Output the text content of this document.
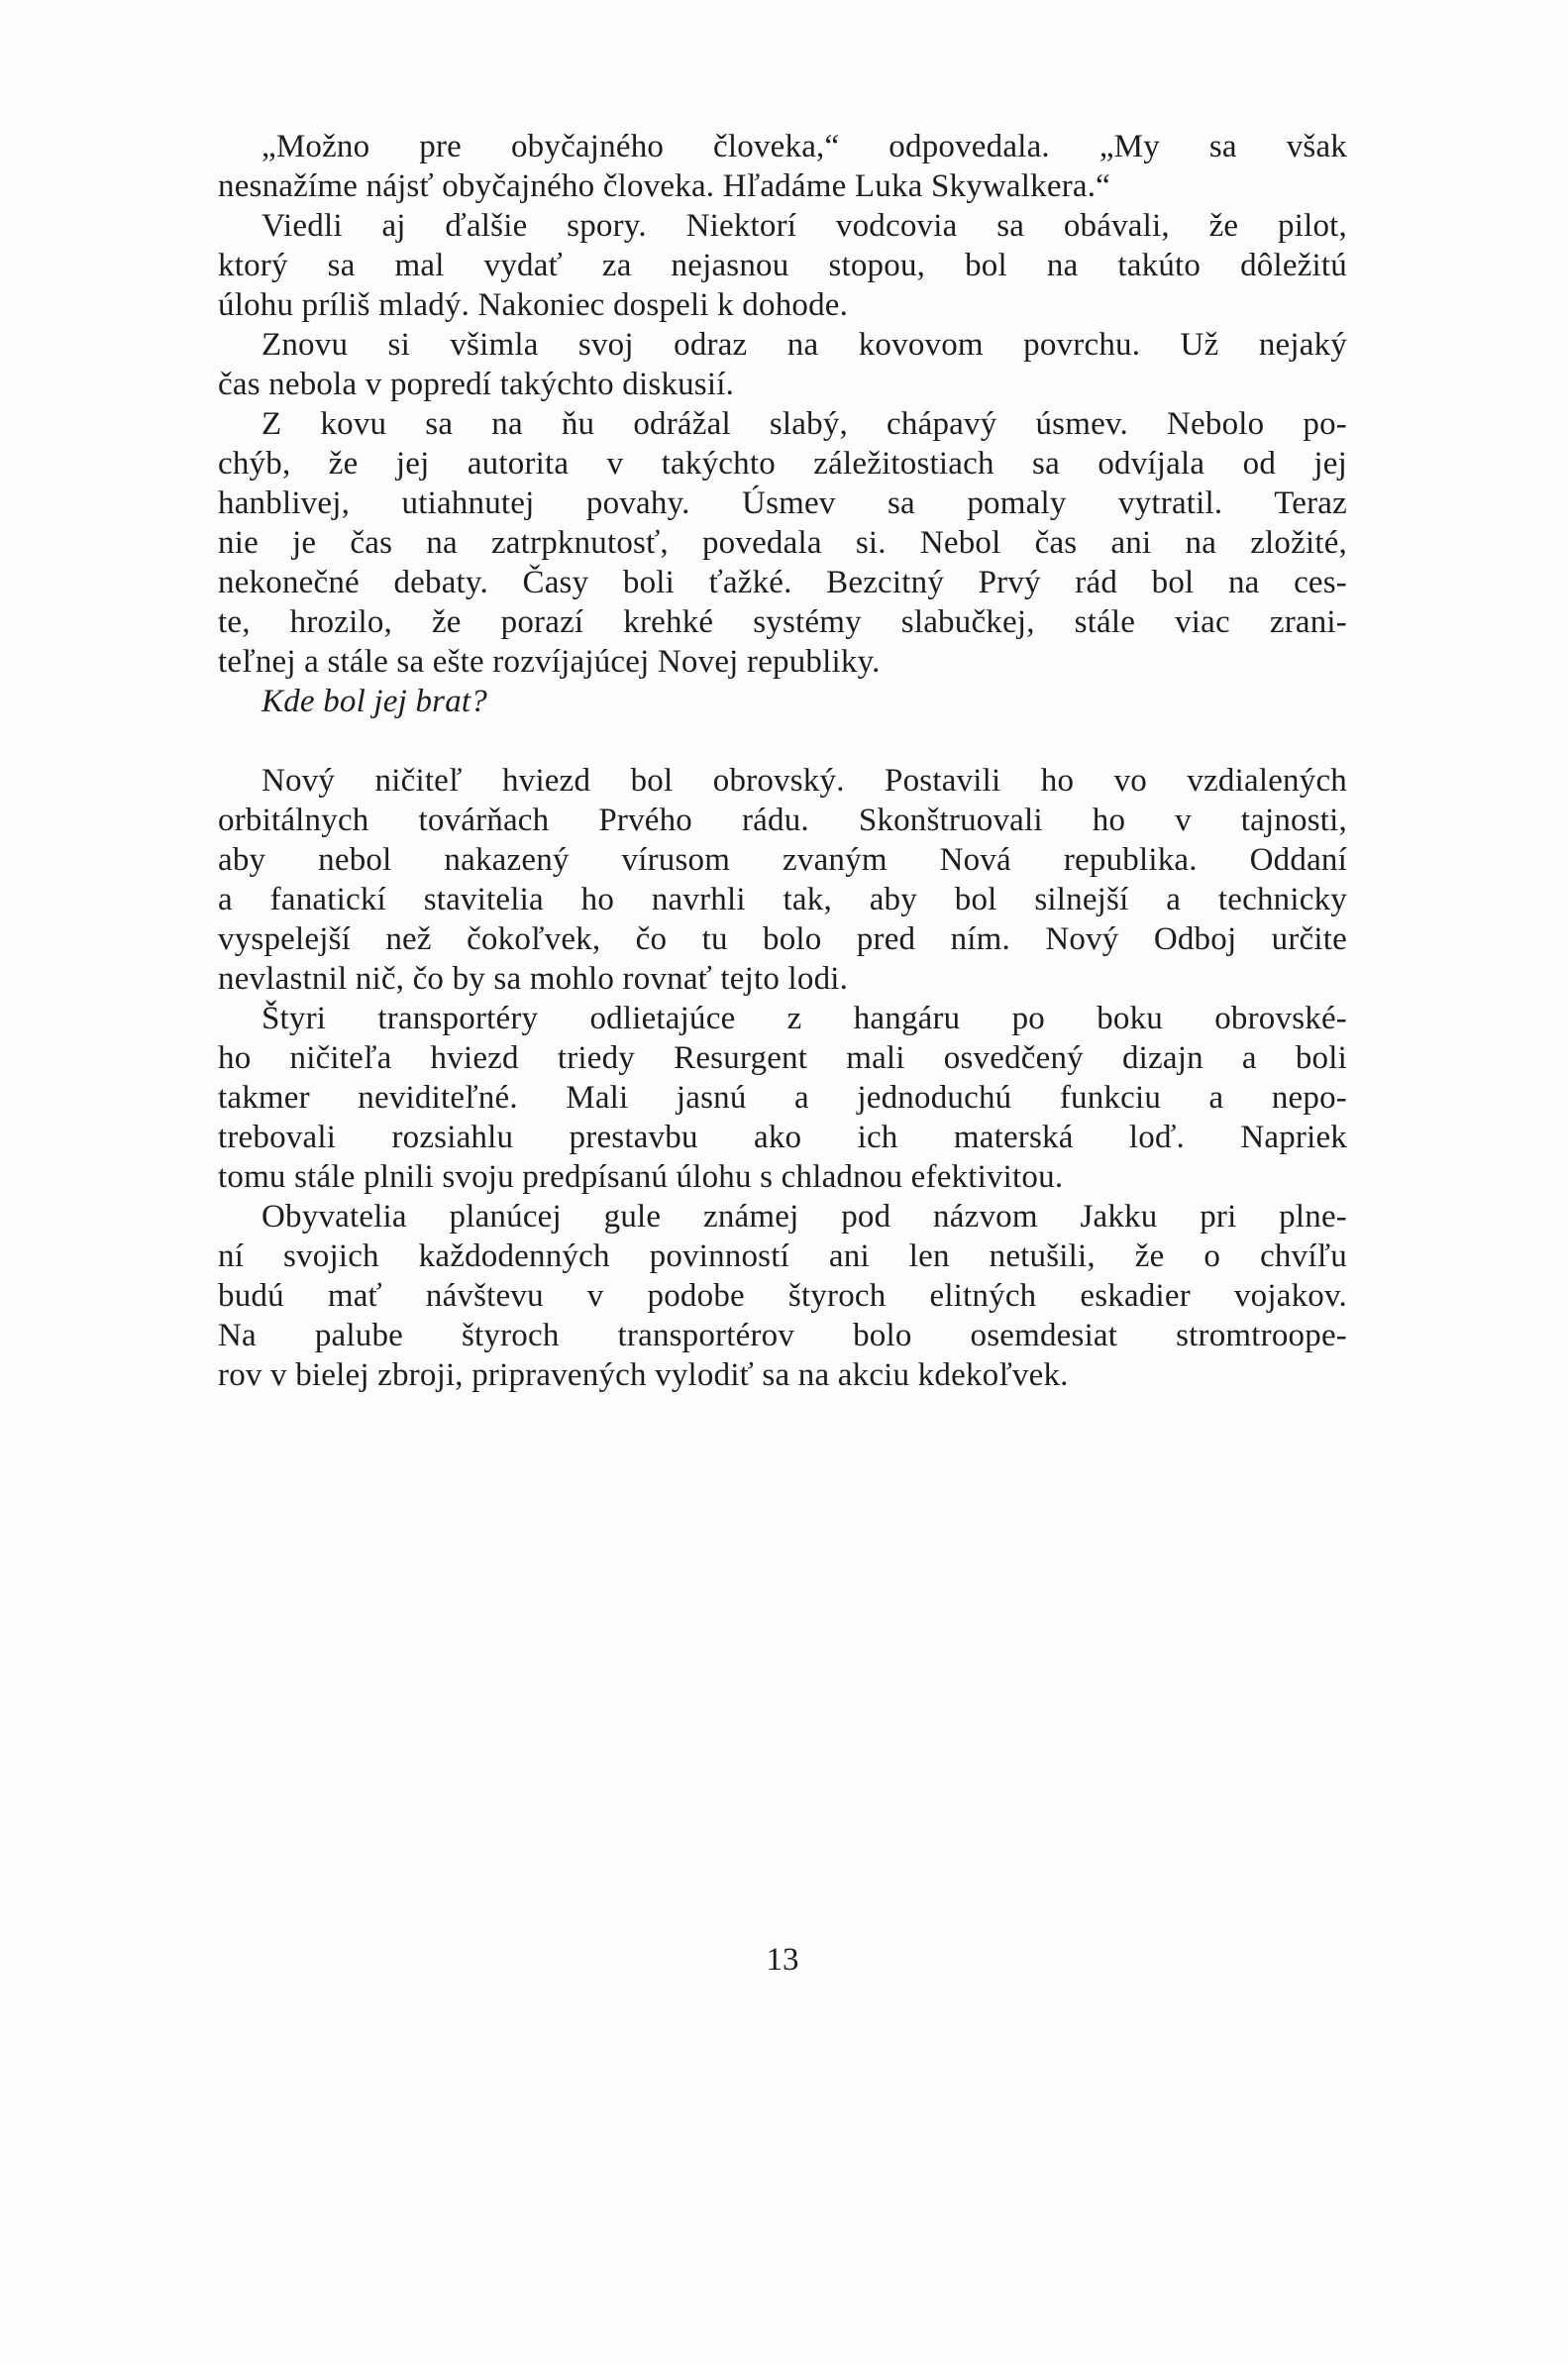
„Možno pre obyčajného človeka,“ odpovedala. „My sa však
nesnažíme nájsť obyčajného človeka. Hľadáme Luka Skywalkera.“
Viedli aj ďalšie spory. Niektorí vodcovia sa obávali, že pilot,
ktorý sa mal vydať za nejasnou stopou, bol na takúto dôležitú
úlohu príliš mladý. Nakoniec dospeli k dohode.
Znovu si všimla svoj odraz na kovovom povrchu. Už nejaký
čas nebola v popredí takýchto diskusií.
Z kovu sa na ňu odrážal slabý, chápavý úsmev. Nebolo po-
chýb, že jej autorita v takýchto záležitostiach sa odvíjala od jej
hanblivej, utiahnutej povahy. Úsmev sa pomaly vytratil. Teraz
nie je čas na zatrpknutosť, povedala si. Nebol čas ani na zložité,
nekonečné debaty. Časy boli ťažké. Bezcitný Prvý rád bol na ces-
te, hrozilo, že porazí krehké systémy slabučkej, stále viac zrani-
teľnej a stále sa ešte rozvíjajúcej Novej republiky.
Kde bol jej brat?
Nový ničiteľ hviezd bol obrovský. Postavili ho vo vzdialených
orbitálnych továrňach Prvého rádu. Skonštruovali ho v tajnosti,
aby nebol nakazený vírusom zvaným Nová republika. Oddaní
a fanatickí stavitelia ho navrhli tak, aby bol silnejší a technicky
vyspelejší než čokoľvek, čo tu bolo pred ním. Nový Odboj určite
nevlastnil nič, čo by sa mohlo rovnať tejto lodi.
Štyri transportéry odlietajúce z hangáru po boku obrovské-
ho ničiteľa hviezd triedy Resurgent mali osvedčený dizajn a boli
takmer neviditeľné. Mali jasnú a jednoduchú funkciu a nepo-
trebovali rozsiahlu prestavbu ako ich materská loď. Napriek
tomu stále plnili svoju predpísanú úlohu s chladnou efektivitou.
Obyvatelia planúcej gule známej pod názvom Jakku pri plne-
ní svojich každodenných povinností ani len netušili, že o chvíľu
budú mať návštevu v podobe štyroch elitných eskadier vojakov.
Na palube štyroch transportérov bolo osemdesiat stromtroope-
rov v bielej zbroji, pripravených vylodiť sa na akciu kdekoľvek.
13
